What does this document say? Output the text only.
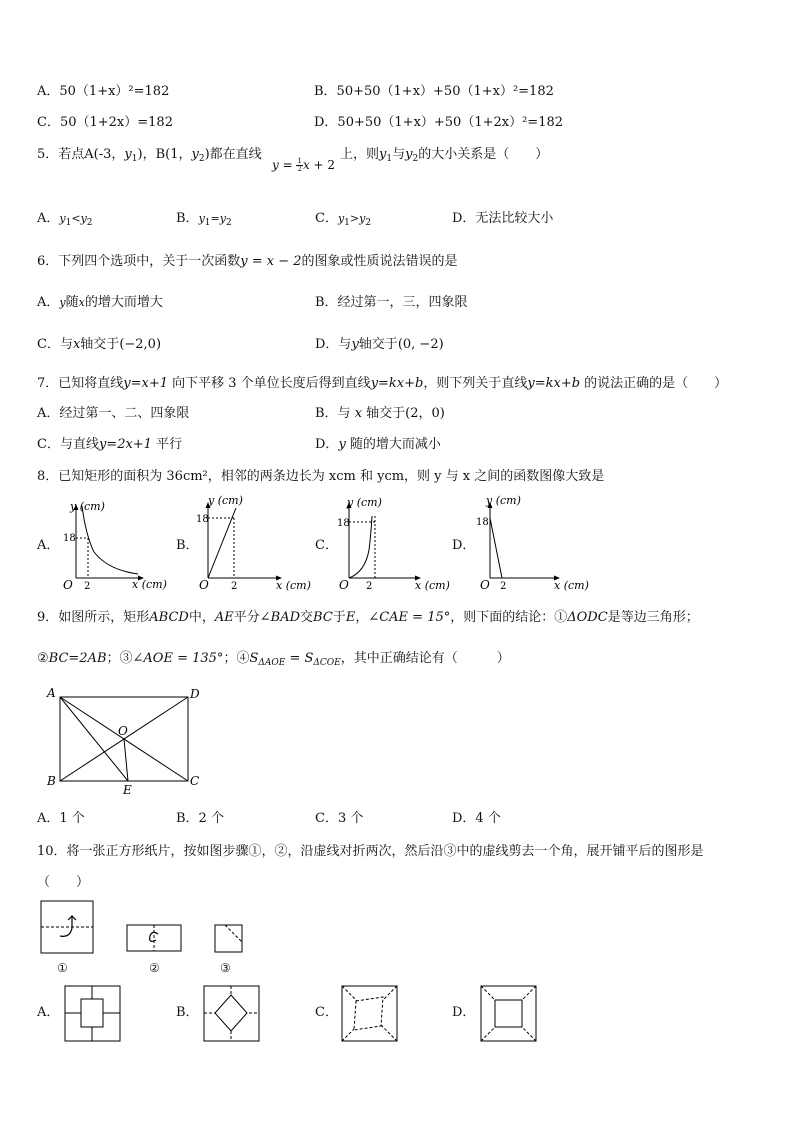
A．50（1+x）²=182	B．50+50（1+x）+50（1+x）²=182
C．50（1+2x）=182	D．50+50（1+x）+50（1+2x）²=182
5．若点A(-3，$y_1$)，B(1，$y_2$)都在直线
$y = \frac{1}{2}$ x + 2
上，则$y_1$与$y_2$的大小关系是（　　）
A．$y_1<y_2$	B．$y_1=y_2$	C．$y_1>y_2$	D．无法比较大小
6．下列四个选项中，关于一次函数y = x − 2的图象或性质说法错误的是
A．y随x的增大而增大	B．经过第一，三，四象限
C．与x轴交于(−2,0)	D．与y轴交于(0, −2)
7．已知将直线y=x+1 向下平移 3 个单位长度后得到直线y=kx+b，则下列关于直线y=kx+b 的说法正确的是（　　）
A．经过第一、二、四象限	B．与 x 轴交于(2，0)
C．与直线y=2x+1 平行	D．y 随的增大而减小
8．已知矩形的面积为 36cm²，相邻的两条边长为 xcm 和 ycm，则 y 与 x 之间的函数图像大致是
A．	B．	C．	D．
y (cm)
x (cm)
18
2
O
y (cm)
x (cm)
18
2
O
y (cm)
x (cm)
18
2
O
y (cm)
x (cm)
18
2
O
9．如图所示，矩形ABCD中，AE平分∠BAD交BC于E，∠CAE = 15°，则下面的结论：①ΔODC是等边三角形；
②BC=2AB；③∠AOE = 135°；$④S_{\Delta AOE} = S_{\Delta COE}$，其中正确结论有（　　　）
A	D
O
B
E
C
A．1 个	B．2 个	C．3 个	D．4 个
10．将一张正方形纸片，按如图步骤①，②，沿虚线对折两次，然后沿③中的虚线剪去一个角，展开铺平后的图形是
（　　）
①	②	③
A．	B．	C．	D．
